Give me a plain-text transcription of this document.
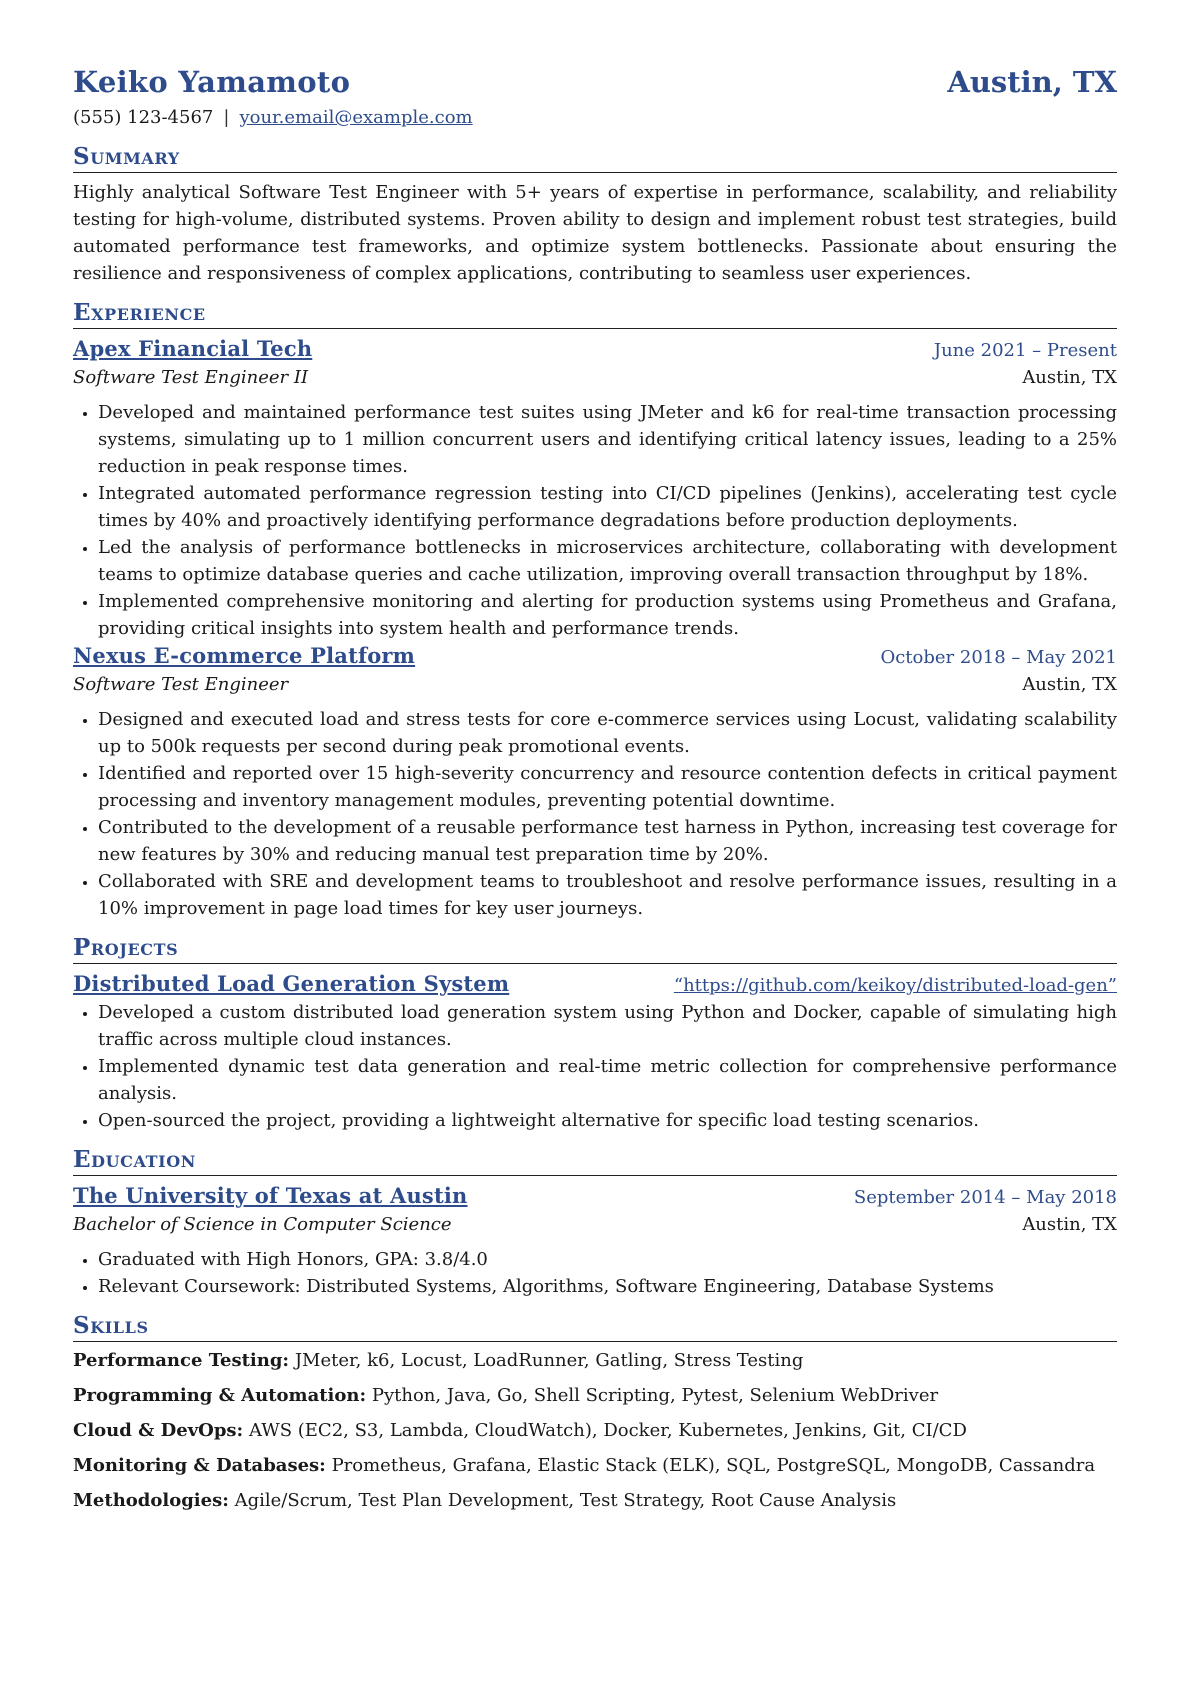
Keiko Yamamoto	Austin, TX
(555) 123-4567 | your.email@example.com
Summary
Highly analytical Software Test Engineer with 5+ years of expertise in performance, scalability, and reliability testing for high-volume, distributed systems. Proven ability to design and implement robust test strategies, build automated performance test frameworks, and optimize system bottlenecks. Passionate about ensuring the resilience and responsiveness of complex applications, contributing to seamless user experiences.
Experience
Apex Financial Tech	June 2021 – Present
Software Test Engineer II	Austin, TX
• Developed and maintained performance test suites using JMeter and k6 for real-time transaction processing systems, simulating up to 1 million concurrent users and identifying critical latency issues, leading to a 25% reduction in peak response times.
• Integrated automated performance regression testing into CI/CD pipelines (Jenkins), accelerating test cycle times by 40% and proactively identifying performance degradations before production deployments.
• Led the analysis of performance bottlenecks in microservices architecture, collaborating with development teams to optimize database queries and cache utilization, improving overall transaction throughput by 18%.
• Implemented comprehensive monitoring and alerting for production systems using Prometheus and Grafana, providing critical insights into system health and performance trends.
Nexus E-commerce Platform	October 2018 – May 2021
Software Test Engineer	Austin, TX
• Designed and executed load and stress tests for core e-commerce services using Locust, validating scalability up to 500k requests per second during peak promotional events.
• Identified and reported over 15 high-severity concurrency and resource contention defects in critical payment processing and inventory management modules, preventing potential downtime.
• Contributed to the development of a reusable performance test harness in Python, increasing test coverage for new features by 30% and reducing manual test preparation time by 20%.
• Collaborated with SRE and development teams to troubleshoot and resolve performance issues, resulting in a 10% improvement in page load times for key user journeys.
Projects
Distributed Load Generation System	“https://github.com/keikoy/distributed-load-gen”
• Developed a custom distributed load generation system using Python and Docker, capable of simulating high traffic across multiple cloud instances.
• Implemented dynamic test data generation and real-time metric collection for comprehensive performance analysis.
• Open-sourced the project, providing a lightweight alternative for specific load testing scenarios.
Education
The University of Texas at Austin	September 2014 – May 2018
Bachelor of Science in Computer Science	Austin, TX
• Graduated with High Honors, GPA: 3.8/4.0
• Relevant Coursework: Distributed Systems, Algorithms, Software Engineering, Database Systems
Skills
Performance Testing: JMeter, k6, Locust, LoadRunner, Gatling, Stress Testing
Programming & Automation: Python, Java, Go, Shell Scripting, Pytest, Selenium WebDriver
Cloud & DevOps: AWS (EC2, S3, Lambda, CloudWatch), Docker, Kubernetes, Jenkins, Git, CI/CD
Monitoring & Databases: Prometheus, Grafana, Elastic Stack (ELK), SQL, PostgreSQL, MongoDB, Cassandra
Methodologies: Agile/Scrum, Test Plan Development, Test Strategy, Root Cause Analysis
